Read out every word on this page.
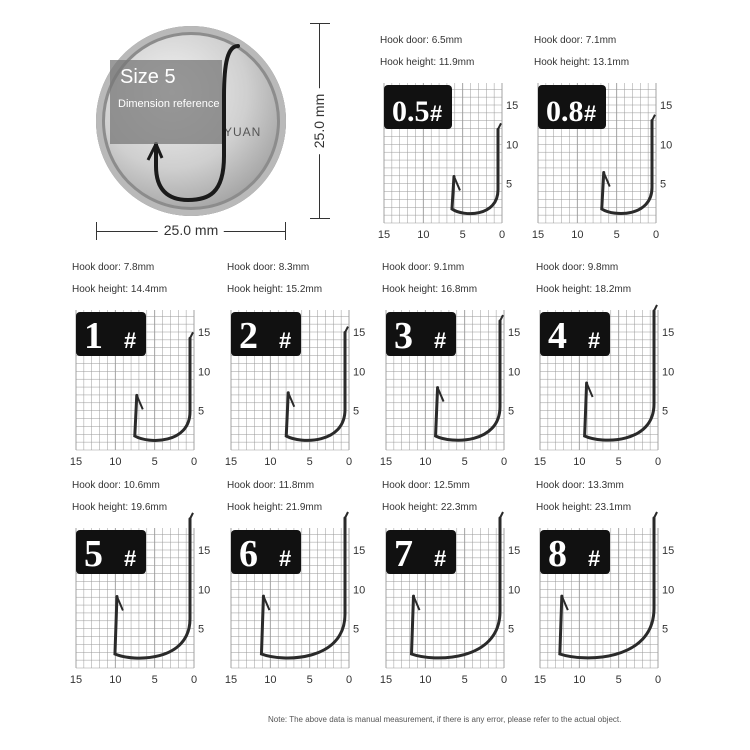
YUAN
Size 5
Dimension reference
25.0 mm
25.0 mm
Hook door: 6.5mm
Hook height: 11.9mm
15 10	5	0
15
10
5
0.5 #
Hook door: 7.1mm
Hook height: 13.1mm
15 10	5	0
15
10
5
0.8 #
Hook door: 7.8mm
Hook height: 14.4mm
15 10	5	0
15
10
5
1 #
Hook door: 8.3mm
Hook height: 15.2mm
15 10	5	0
15
10
5
2 #
Hook door: 9.1mm
Hook height: 16.8mm
15 10	5	0
15
10
5
3 #
Hook door: 9.8mm
Hook height: 18.2mm
15 10	5	0
15
10
5
4 #
Hook door: 10.6mm
Hook height: 19.6mm
15 10	5	0
15
10
5
5 #
Hook door: 11.8mm
Hook height: 21.9mm
15 10	5	0
15
10
5
6 #
Hook door: 12.5mm
Hook height: 22.3mm
15 10	5	0
15
10
5
7 #
Hook door: 13.3mm
Hook height: 23.1mm
15 10	5	0
15
10
5
8 #
Note: The above data is manual measurement, if there is any error, please refer to the actual object.
